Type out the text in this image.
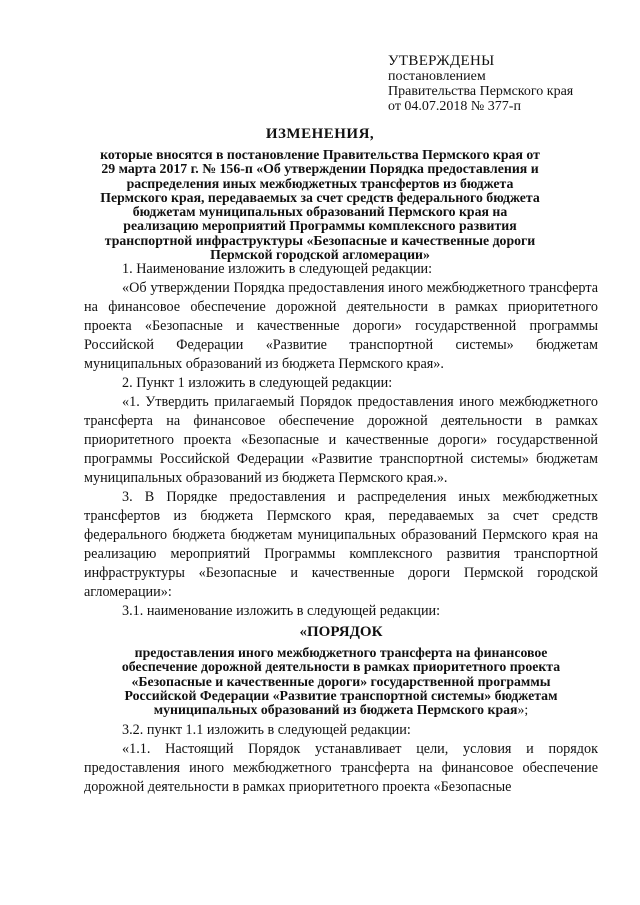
УТВЕРЖДЕНЫ
постановлением
Правительства Пермского края
от 04.07.2018 № 377-п
ИЗМЕНЕНИЯ,
которые вносятся в постановление Правительства Пермского края от 29 марта 2017 г. № 156-п «Об утверждении Порядка предоставления и распределения иных межбюджетных трансфертов из бюджета Пермского края, передаваемых за счет средств федерального бюджета бюджетам муниципальных образований Пермского края на реализацию мероприятий Программы комплексного развития транспортной инфраструктуры «Безопасные и качественные дороги Пермской городской агломерации»

1. Наименование изложить в следующей редакции:

«Об утверждении Порядка предоставления иного межбюджетного трансферта на финансовое обеспечение дорожной деятельности в рамках приоритетного проекта «Безопасные и качественные дороги» государственной программы Российской Федерации «Развитие транспортной системы» бюджетам муниципальных образований из бюджета Пермского края».

2. Пункт 1 изложить в следующей редакции:

«1. Утвердить прилагаемый Порядок предоставления иного межбюджетного трансферта на финансовое обеспечение дорожной деятельности в рамках приоритетного проекта «Безопасные и качественные дороги» государственной программы Российской Федерации «Развитие транспортной системы» бюджетам муниципальных образований из бюджета Пермского края.».

3. В Порядке предоставления и распределения иных межбюджетных трансфертов из бюджета Пермского края, передаваемых за счет средств федерального бюджета бюджетам муниципальных образований Пермского края на реализацию мероприятий Программы комплексного развития транспортной инфраструктуры «Безопасные и качественные дороги Пермской городской агломерации»:

3.1. наименование изложить в следующей редакции:

«ПОРЯДОК
предоставления иного межбюджетного трансферта на финансовое обеспечение дорожной деятельности в рамках приоритетного проекта «Безопасные и качественные дороги» государственной программы Российской Федерации «Развитие транспортной системы» бюджетам муниципальных образований из бюджета Пермского края»;

3.2. пункт 1.1 изложить в следующей редакции:

«1.1. Настоящий Порядок устанавливает цели, условия и порядок предоставления иного межбюджетного трансферта на финансовое обеспечение дорожной деятельности в рамках приоритетного проекта «Безопасные
